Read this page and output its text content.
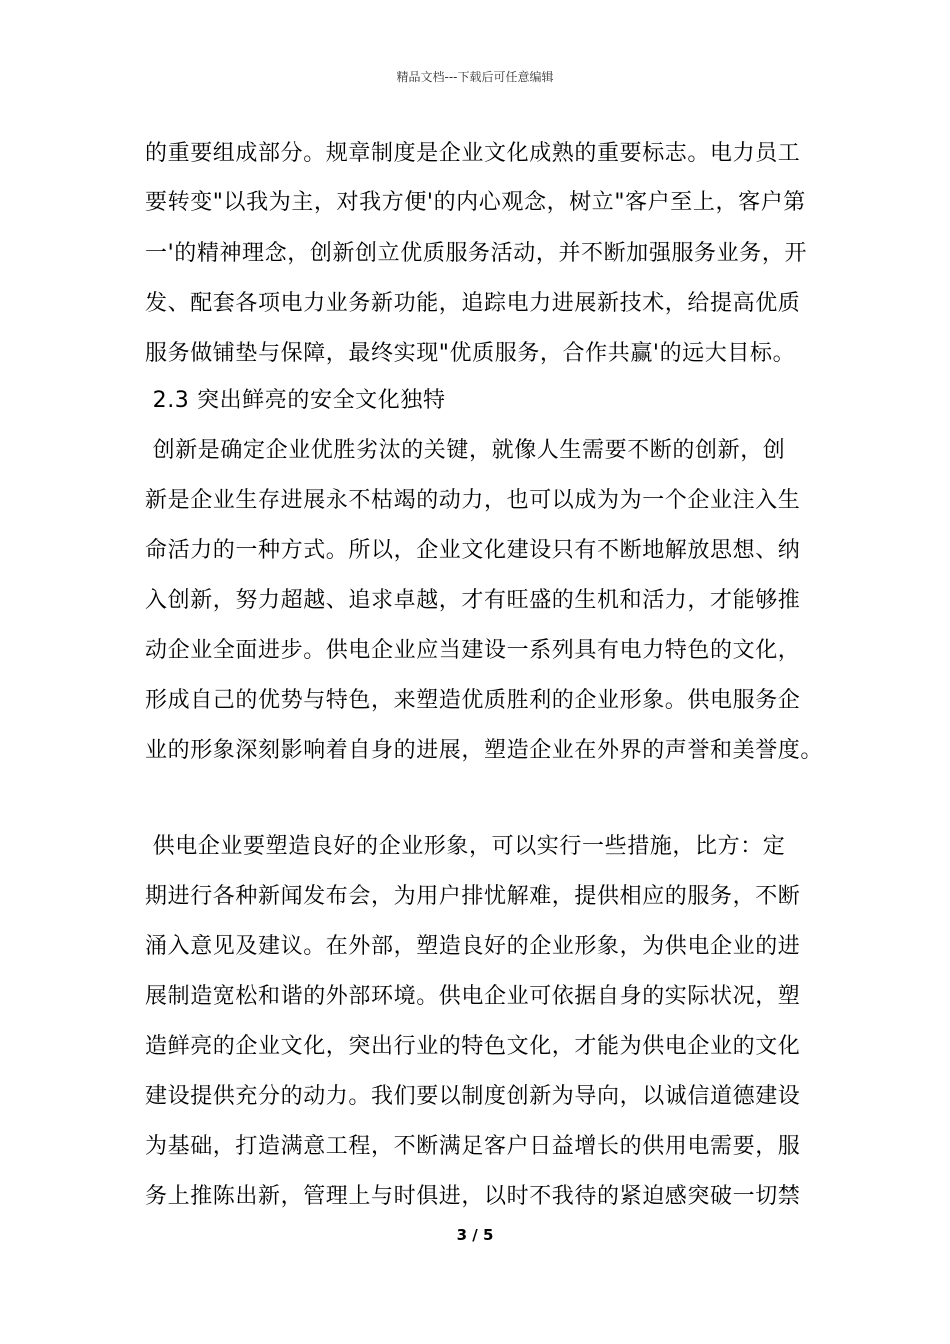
精品文档---下载后可任意编辑
的重要组成部分。规章制度是企业文化成熟的重要标志。电力员工
要转变"以我为主，对我方便'的内心观念，树立"客户至上，客户第
一'的精神理念，创新创立优质服务活动，并不断加强服务业务，开
发、配套各项电力业务新功能，追踪电力进展新技术，给提高优质
服务做铺垫与保障，最终实现"优质服务，合作共赢'的远大目标。
2.3 突出鲜亮的安全文化独特
创新是确定企业优胜劣汰的关键，就像人生需要不断的创新，创
新是企业生存进展永不枯竭的动力，也可以成为为一个企业注入生
命活力的一种方式。所以，企业文化建设只有不断地解放思想、纳
入创新，努力超越、追求卓越，才有旺盛的生机和活力，才能够推
动企业全面进步。供电企业应当建设一系列具有电力特色的文化，
形成自己的优势与特色，来塑造优质胜利的企业形象。供电服务企
业的形象深刻影响着自身的进展，塑造企业在外界的声誉和美誉度。
供电企业要塑造良好的企业形象，可以实行一些措施，比方：定
期进行各种新闻发布会，为用户排忧解难，提供相应的服务，不断
涌入意见及建议。在外部，塑造良好的企业形象，为供电企业的进
展制造宽松和谐的外部环境。供电企业可依据自身的实际状况，塑
造鲜亮的企业文化，突出行业的特色文化，才能为供电企业的文化
建设提供充分的动力。我们要以制度创新为导向，以诚信道德建设
为基础，打造满意工程，不断满足客户日益增长的供用电需要，服
务上推陈出新，管理上与时俱进，以时不我待的紧迫感突破一切禁
3 / 5
